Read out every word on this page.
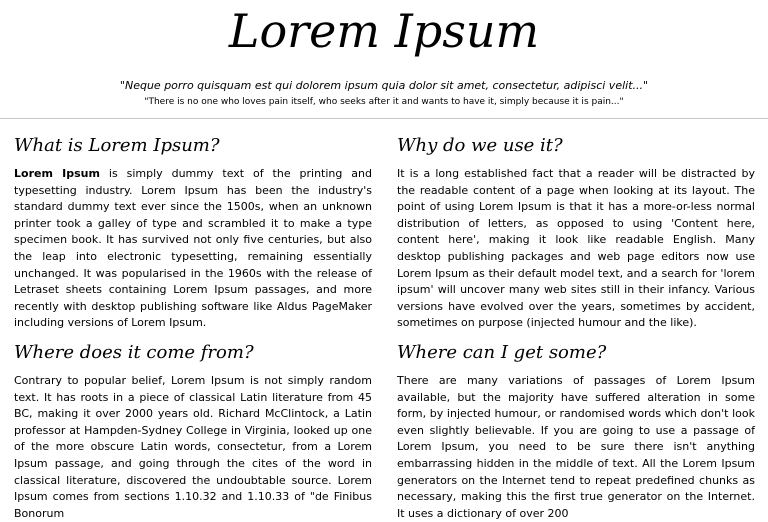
Lorem Ipsum
"Neque porro quisquam est qui dolorem ipsum quia dolor sit amet, consectetur, adipisci velit..."
"There is no one who loves pain itself, who seeks after it and wants to have it, simply because it is pain..."
What is Lorem Ipsum?

Lorem Ipsum is simply dummy text of the printing and typesetting industry. Lorem Ipsum has been the industry's standard dummy text ever since the 1500s, when an unknown printer took a galley of type and scrambled it to make a type specimen book. It has survived not only five centuries, but also the leap into electronic typesetting, remaining essentially unchanged. It was popularised in the 1960s with the release of Letraset sheets containing Lorem Ipsum passages, and more recently with desktop publishing software like Aldus PageMaker including versions of Lorem Ipsum.

Why do we use it?

It is a long established fact that a reader will be distracted by the readable content of a page when looking at its layout. The point of using Lorem Ipsum is that it has a more-or-less normal distribution of letters, as opposed to using 'Content here, content here', making it look like readable English. Many desktop publishing packages and web page editors now use Lorem Ipsum as their default model text, and a search for 'lorem ipsum' will uncover many web sites still in their infancy. Various versions have evolved over the years, sometimes by accident, sometimes on purpose (injected humour and the like).

Where does it come from?

Contrary to popular belief, Lorem Ipsum is not simply random text. It has roots in a piece of classical Latin literature from 45 BC, making it over 2000 years old. Richard McClintock, a Latin professor at Hampden-Sydney College in Virginia, looked up one of the more obscure Latin words, consectetur, from a Lorem Ipsum passage, and going through the cites of the word in classical literature, discovered the undoubtable source. Lorem Ipsum comes from sections 1.10.32 and 1.10.33 of "de Finibus Bonorum

Where can I get some?

There are many variations of passages of Lorem Ipsum available, but the majority have suffered alteration in some form, by injected humour, or randomised words which don't look even slightly believable. If you are going to use a passage of Lorem Ipsum, you need to be sure there isn't anything embarrassing hidden in the middle of text. All the Lorem Ipsum generators on the Internet tend to repeat predefined chunks as necessary, making this the first true generator on the Internet. It uses a dictionary of over 200
